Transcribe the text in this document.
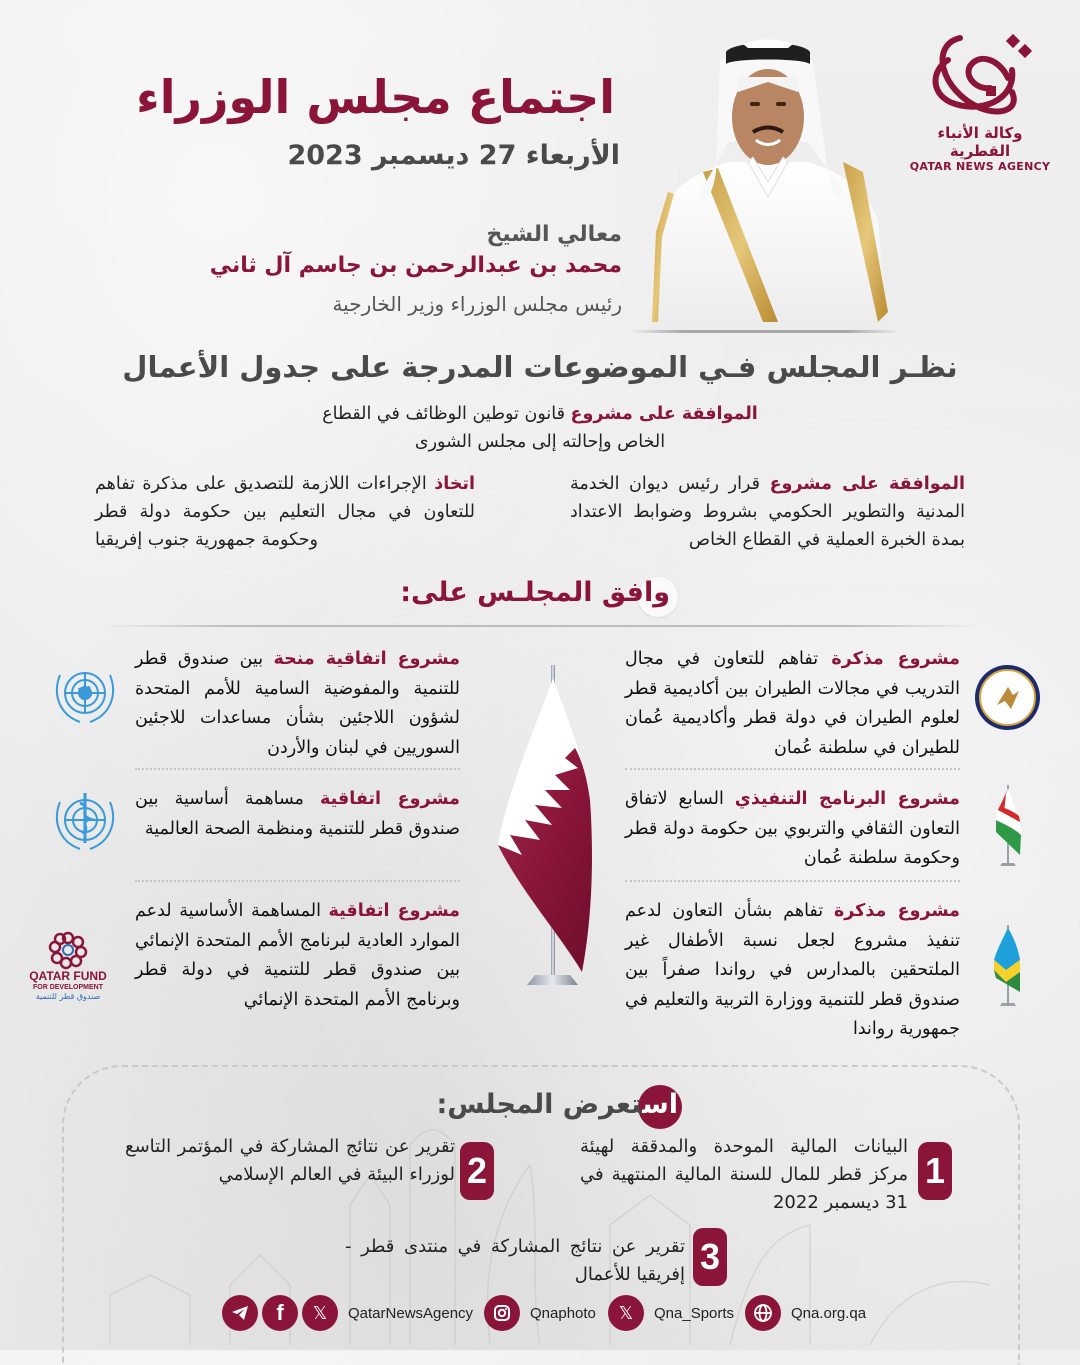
وكالة الأنباء القطرية
QATAR NEWS AGENCY
اجتماع مجلس الوزراء
الأربعاء 27 ديسمبر 2023
معالي الشيخ
محمد بن عبدالرحمن بن جاسم آل ثاني
رئيس مجلس الوزراء وزير الخارجية
نظـر المجلس فـي الموضوعات المدرجة على جدول الأعمال

الموافقة على مشروع قانون توطين الوظائف في القطاع الخاص وإحالته إلى مجلس الشورى

الموافقة على مشروع قرار رئيس ديوان الخدمة المدنية والتطوير الحكومي بشروط وضوابط الاعتداد بمدة الخبرة العملية في القطاع الخاص

اتخاذ الإجراءات اللازمة للتصديق على مذكرة تفاهم للتعاون في مجال التعليم بين حكومة دولة قطر وحكومة جمهورية جنوب إفريقيا

وافق المجلـس على:

مشروع مذكرة تفاهم للتعاون في مجال التدريب في مجالات الطيران بين أكاديمية قطر لعلوم الطيران في دولة قطر وأكاديمية عُمان للطيران في سلطنة عُمان

مشروع البرنامج التنفيذي السابع لاتفاق التعاون الثقافي والتربوي بين حكومة دولة قطر وحكومة سلطنة عُمان

مشروع مذكرة تفاهم بشأن التعاون لدعم تنفيذ مشروع لجعل نسبة الأطفال غير الملتحقين بالمدارس في رواندا صفراً بين صندوق قطر للتنمية ووزارة التربية والتعليم في جمهورية رواندا

مشروع اتفاقية منحة بين صندوق قطر للتنمية والمفوضية السامية للأمم المتحدة لشؤون اللاجئين بشأن مساعدات للاجئين السوريين في لبنان والأردن

مشروع اتفاقية مساهمة أساسية بين صندوق قطر للتنمية ومنظمة الصحة العالمية

مشروع اتفاقية المساهمة الأساسية لدعم الموارد العادية لبرنامج الأمم المتحدة الإنمائي بين صندوق قطر للتنمية في دولة قطر وبرنامج الأمم المتحدة الإنمائي

QATAR FUND
FOR DEVELOPMENT
صندوق قطر للتنمية
استعرض المجلس:
1

البيانات المالية الموحدة والمدققة لهيئة مركز قطر للمال للسنة المالية المنتهية في 31 ديسمبر 2022

2

تقرير عن نتائج المشاركة في المؤتمر التاسع لوزراء البيئة في العالم الإسلامي

3

تقرير عن نتائج المشاركة في منتدى قطر - إفريقيا للأعمال

f 𝕏 QatarNewsAgency	Qnaphoto 𝕏 Qna_Sports	Qna.org.qa
